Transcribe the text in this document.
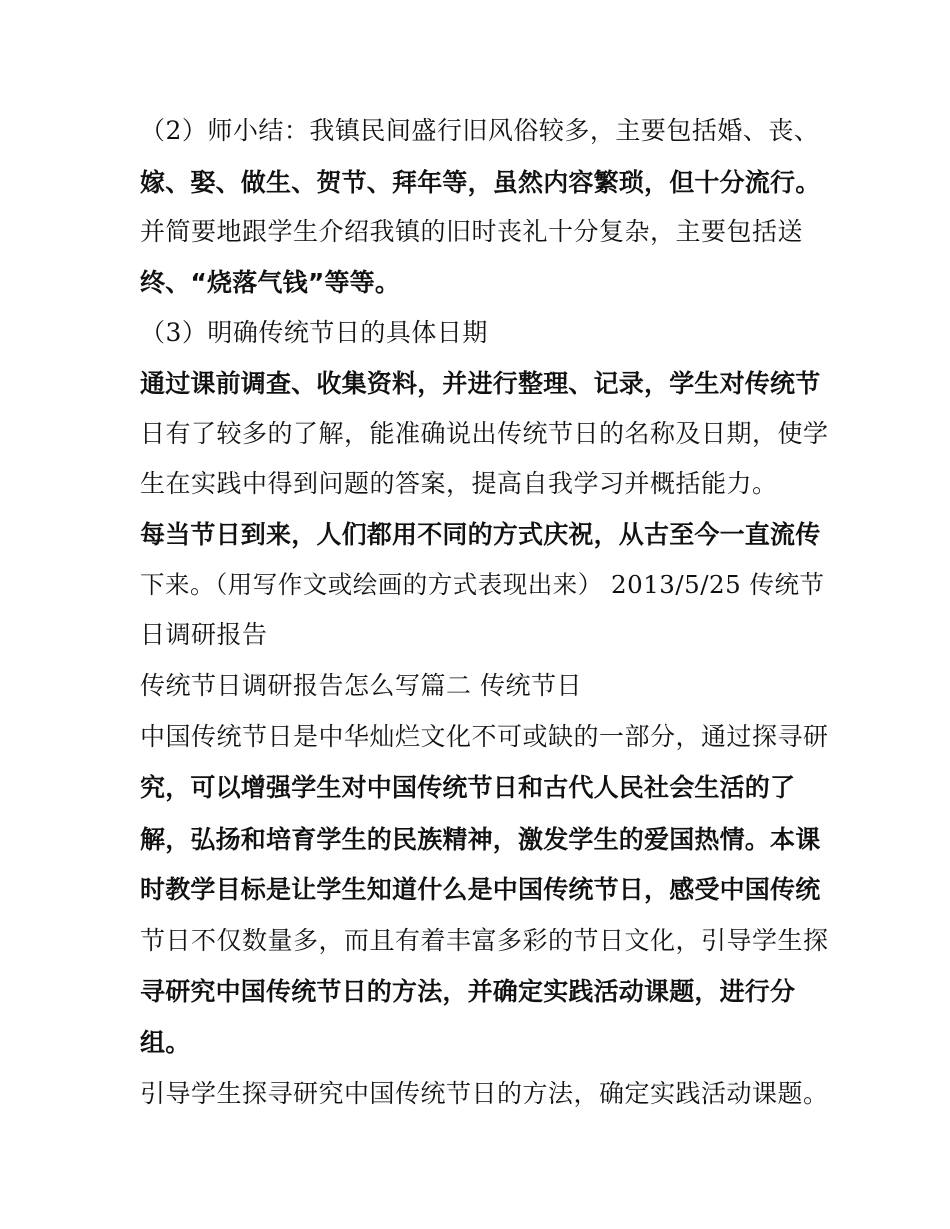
（2）师小结：我镇民间盛行旧风俗较多，主要包括婚、丧、

嫁、娶、做生、贺节、拜年等，虽然内容繁琐，但十分流行。

并简要地跟学生介绍我镇的旧时丧礼十分复杂，主要包括送

终、“烧落气钱”等等。

（3）明确传统节日的具体日期

通过课前调查、收集资料，并进行整理、记录，学生对传统节

日有了较多的了解，能准确说出传统节日的名称及日期，使学

生在实践中得到问题的答案，提高自我学习并概括能力。

每当节日到来，人们都用不同的方式庆祝，从古至今一直流传

下来。（用写作文或绘画的方式表现出来） 2013/5/25 传统节

日调研报告

传统节日调研报告怎么写篇二 传统节日

中国传统节日是中华灿烂文化不可或缺的一部分，通过探寻研

究，可以增强学生对中国传统节日和古代人民社会生活的了

解，弘扬和培育学生的民族精神，激发学生的爱国热情。本课

时教学目标是让学生知道什么是中国传统节日，感受中国传统

节日不仅数量多，而且有着丰富多彩的节日文化，引导学生探

寻研究中国传统节日的方法，并确定实践活动课题，进行分

组。

引导学生探寻研究中国传统节日的方法，确定实践活动课题。
